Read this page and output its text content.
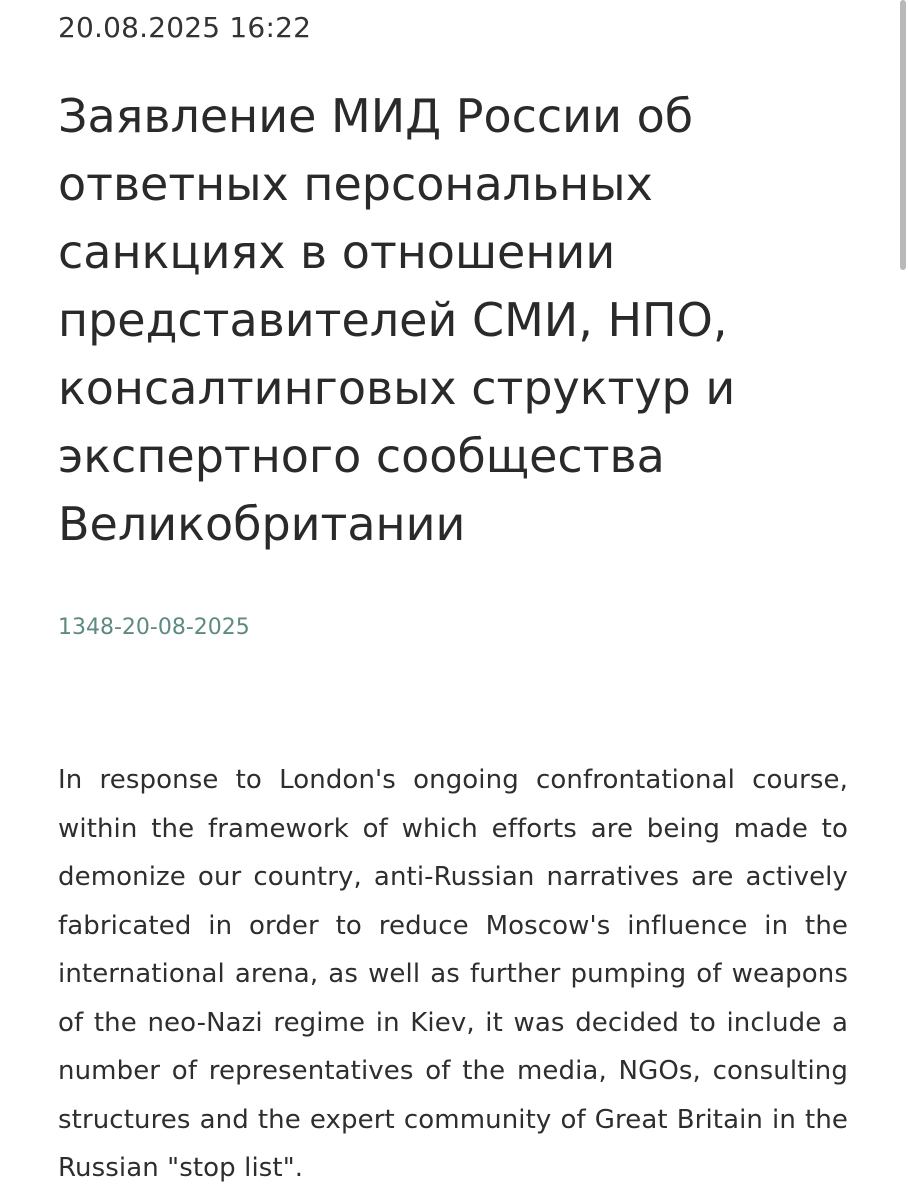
20.08.2025 16:22
Заявление МИД России об ответных персональных санкциях в отношении представителей СМИ, НПО, консалтинговых структур и экспертного сообщества Великобритании
1348-20-08-2025

In response to London's ongoing confrontational course, within the framework of which efforts are being made to demonize our country, anti-Russian narratives are actively fabricated in order to reduce Moscow's influence in the international arena, as well as further pumping of weapons of the neo-Nazi regime in Kiev, it was decided to include a number of representatives of the media, NGOs, consulting structures and the expert community of Great Britain in the Russian "stop list".
